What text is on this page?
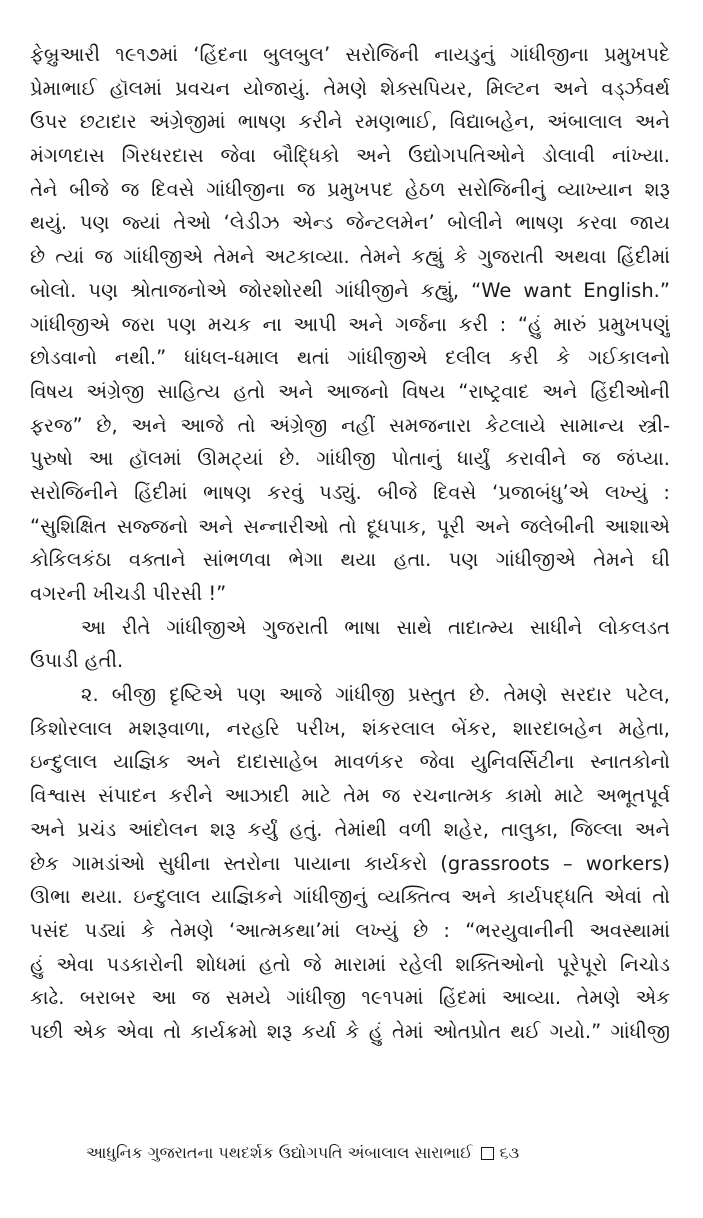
ફેબ્રુઆરી ૧૯૧૭માં ‘હિંદના બુલબુલ’ સરોજિની નાયડુનું ગાંધીજીના પ્રમુખપદે
પ્રેમાભાઈ હૉલમાં પ્રવચન યોજાયું. તેમણે શેક્સપિયર, મિલ્ટન અને વર્ડ્ઝવર્થ
ઉપર છટાદાર અંગ્રેજીમાં ભાષણ કરીને રમણભાઈ, વિદ્યાબહેન, અંબાલાલ અને
મંગળદાસ ગિરધરદાસ જેવા બૌદ્ધિકો અને ઉદ્યોગપતિઓને ડોલાવી નાંખ્યા.
તેને બીજે જ દિવસે ગાંધીજીના જ પ્રમુખપદ હેઠળ સરોજિનીનું વ્યાખ્યાન શરૂ
થયું. પણ જ્યાં તેઓ ‘લેડીઝ એન્ડ જેન્ટલમેન’ બોલીને ભાષણ કરવા જાય
છે ત્યાં જ ગાંધીજીએ તેમને અટકાવ્યા. તેમને કહ્યું કે ગુજરાતી અથવા હિંદીમાં
બોલો. પણ શ્રોતાજનોએ જોરશોરથી ગાંધીજીને કહ્યું, “We want English.”
ગાંધીજીએ જરા પણ મચક ના આપી અને ગર્જના કરી : “હું મારું પ્રમુખપણું
છોડવાનો નથી.” ધાંધલ-ધમાલ થતાં ગાંધીજીએ દલીલ કરી કે ગઈકાલનો
વિષય અંગ્રેજી સાહિત્ય હતો અને આજનો વિષય “રાષ્ટ્રવાદ અને હિંદીઓની
ફરજ” છે, અને આજે તો અંગ્રેજી નહીં સમજનારા કેટલાયે સામાન્ય સ્ત્રી-
પુરુષો આ હૉલમાં ઊમટ્યાં છે. ગાંધીજી પોતાનું ધાર્યું કરાવીને જ જંપ્યા.
સરોજિનીને હિંદીમાં ભાષણ કરવું પડ્યું. બીજે દિવસે ‘પ્રજાબંધુ’એ લખ્યું :
“સુશિક્ષિત સજ્જનો અને સન્નારીઓ તો દૂધપાક, પૂરી અને જલેબીની આશાએ
કોકિલકંઠા વક્તાને સાંભળવા ભેગા થયા હતા. પણ ગાંધીજીએ તેમને ઘી
વગરની ખીચડી પીરસી !”
આ રીતે ગાંધીજીએ ગુજરાતી ભાષા સાથે તાદાત્મ્ય સાધીને લોકલડત
ઉપાડી હતી.
૨. બીજી દૃષ્ટિએ પણ આજે ગાંધીજી પ્રસ્તુત છે. તેમણે સરદાર પટેલ,
કિશોરલાલ મશરૂવાળા, નરહરિ પરીખ, શંકરલાલ બેંકર, શારદાબહેન મહેતા,
ઇન્દુલાલ યાજ્ઞિક અને દાદાસાહેબ માવળંકર જેવા યુનિવર્સિટીના સ્નાતકોનો
વિશ્વાસ સંપાદન કરીને આઝાદી માટે તેમ જ રચનાત્મક કામો માટે અભૂતપૂર્વ
અને પ્રચંડ આંદોલન શરૂ કર્યું હતું. તેમાંથી વળી શહેર, તાલુકા, જિલ્લા અને
છેક ગામડાંઓ સુધીના સ્તરોના પાયાના કાર્યકરો (grassroots – workers)
ઊભા થયા. ઇન્દુલાલ યાજ્ઞિકને ગાંધીજીનું વ્યક્તિત્વ અને કાર્યપદ્ધતિ એવાં તો
પસંદ પડ્યાં કે તેમણે ‘આત્મકથા’માં લખ્યું છે : “ભરયુવાનીની અવસ્થામાં
હું એવા પડકારોની શોધમાં હતો જે મારામાં રહેલી શક્તિઓનો પૂરેપૂરો નિચોડ
કાઢે. બરાબર આ જ સમયે ગાંધીજી ૧૯૧૫માં હિંદમાં આવ્યા. તેમણે એક
પછી એક એવા તો કાર્યક્રમો શરૂ કર્યા કે હું તેમાં ઓતપ્રોત થઈ ગયો.” ગાંધીજી
આધુનિક ગુજરાતના પથદર્શક ઉદ્યોગપતિ અંબાલાલ સારાભાઈ ૬૩
